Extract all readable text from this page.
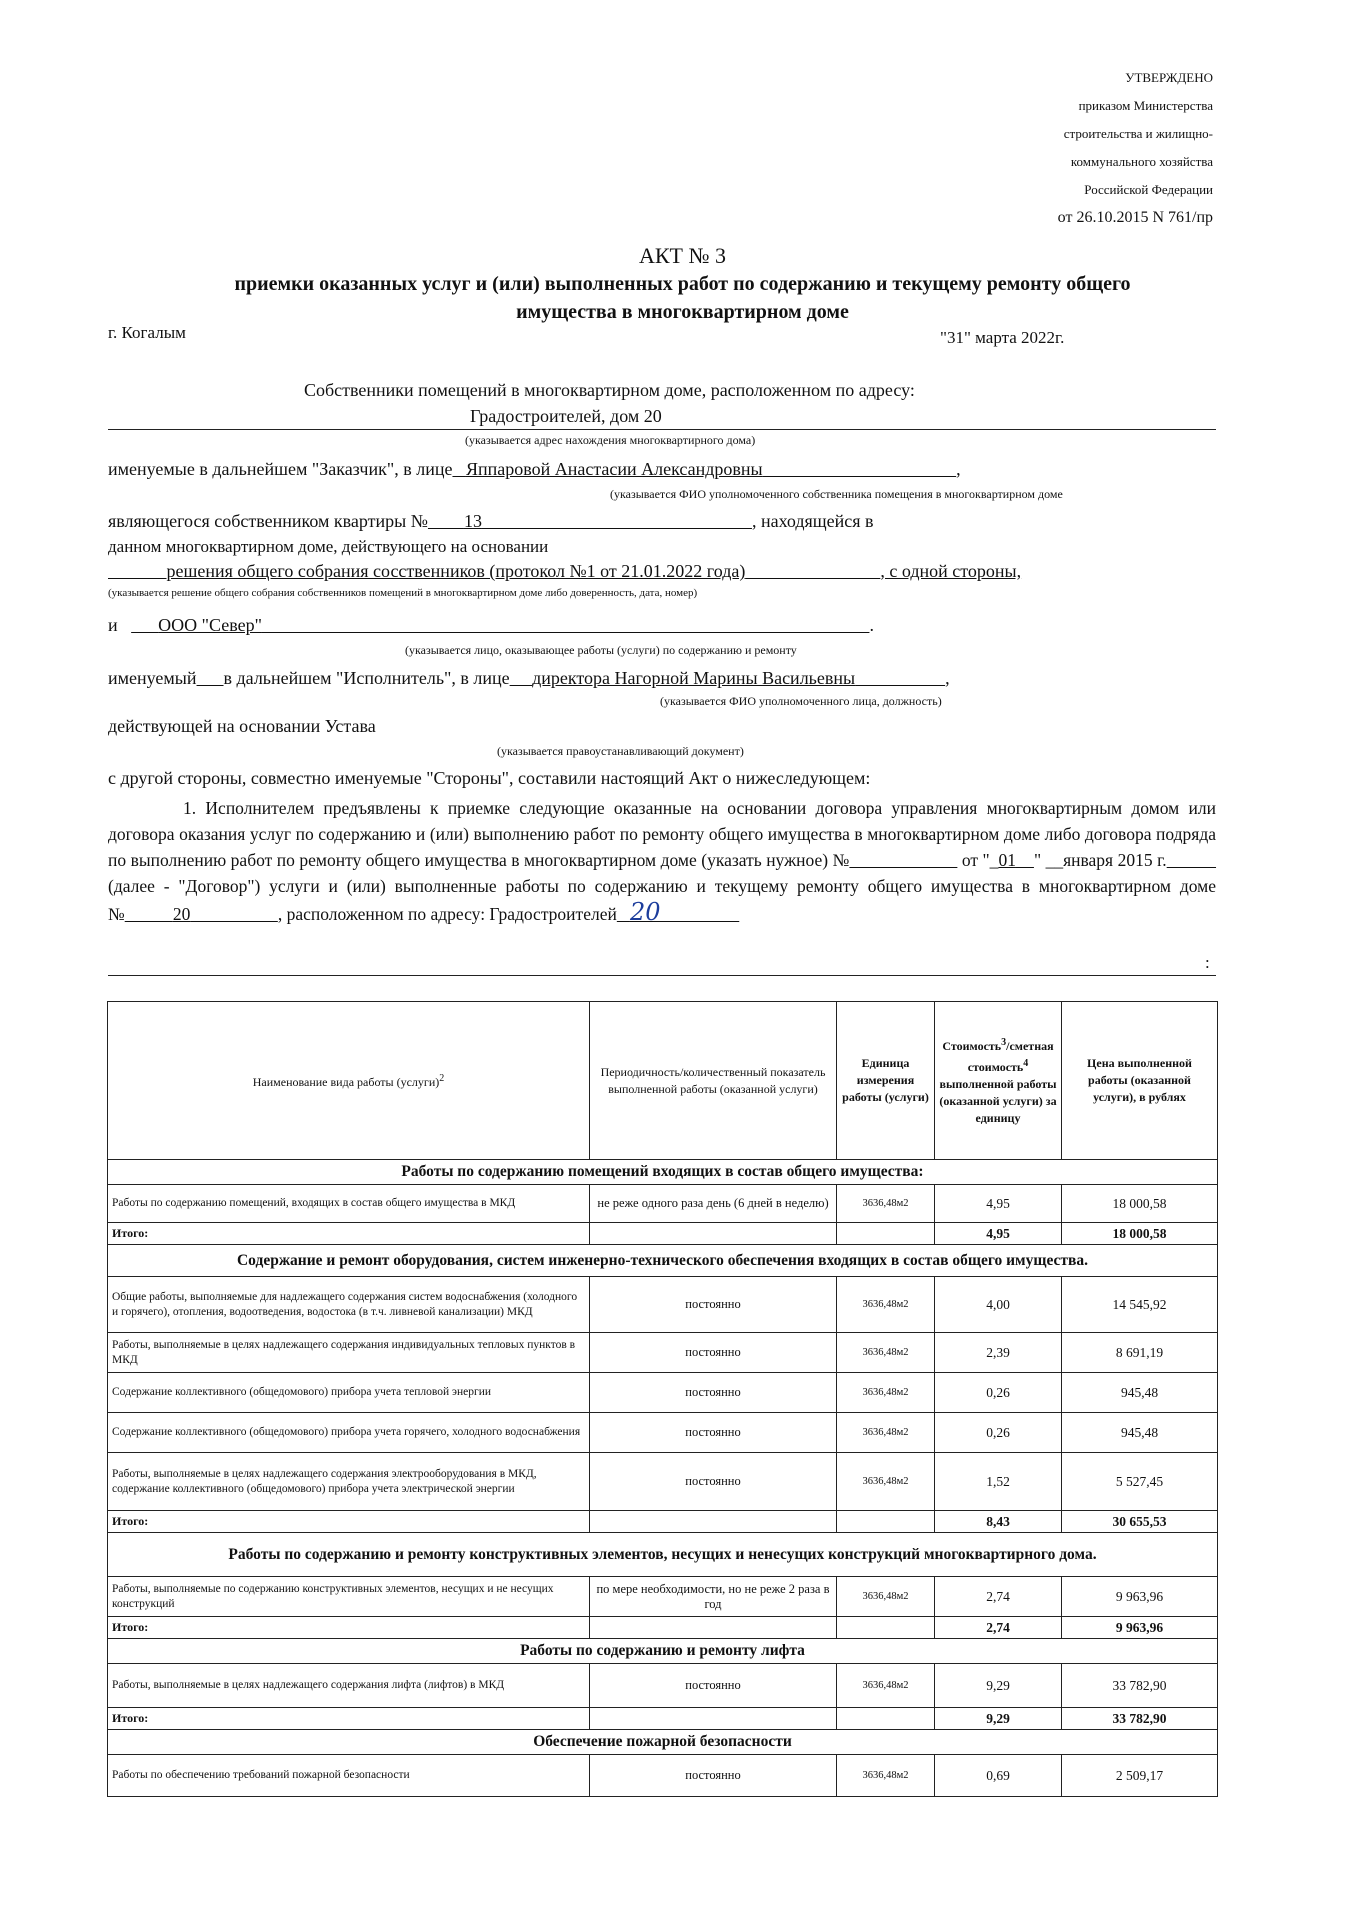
УТВЕРЖДЕНО
приказом Министерства
строительства и жилищно-
коммунального хозяйства
Российской Федерации
от 26.10.2015 N 761/пр
АКТ № 3
приемки оказанных услуг и (или) выполненных работ по содержанию и текущему ремонту общего
имущества в многоквартирном доме
г. Когалым	"31" марта 2022г.
Собственники помещений в многоквартирном доме, расположенном по адресу:
Градостроителей, дом 20
(указывается адрес нахождения многоквартирного дома)
именуемые в дальнейшем "Заказчик", в лице Яппаровой Анастасии Александровны	,
(указывается ФИО уполномоченного собственника помещения в многоквартирном доме
являющегося собственником квартиры № 13	, находящейся в
данном многоквартирном доме, действующего на основании
решения общего собрания сосственников (протокол №1 от 21.01.2022 года)	, с одной стороны,
(указывается решение общего собрания собственников помещений в многоквартирном доме либо доверенность, дата, номер)
и ООО "Север"	.
(указывается лицо, оказывающее работы (услуги) по содержанию и ремонту
именуемый в дальнейшем "Исполнитель", в лице директора Нагорной Марины Васильевны	,
(указывается ФИО уполномоченного лица, должность)
действующей на основании Устава
(указывается правоустанавливающий документ)
с другой стороны, совместно именуемые "Стороны", составили настоящий Акт о нижеследующем:
1. Исполнителем предъявлены к приемке следующие оказанные на основании договора управления многоквартирным домом или договора оказания услуг по содержанию и (или) выполнению работ по ремонту общего имущества в многоквартирном доме либо договора подряда по выполнению работ по ремонту общего имущества в многоквартирном доме (указать нужное) №	от "_01 " __января 2015 г.            (далее - "Договор") услуги и (или) выполненные работы по содержанию и текущему ремонту общего имущества в многоквартирном доме №	20	, расположенном по адресу: Градостроителей 20
:
Наименование вида работы (услуги)$^2$	Периодичность/количественный показатель выполненной работы (оказанной услуги)	Единица измерения работы (услуги)	Стоимость$^3$/сметная стоимость$^4$ выполненной работы (оказанной услуги) за единицу	Цена выполненной работы (оказанной услуги), в рублях
Работы по содержанию помещений входящих в состав общего имущества:				
Работы по содержанию помещений, входящих в состав общего имущества в МКД	не реже одного раза день (6 дней в неделю)	3636,48м2	4,95	18 000,58
Итого:			4,95	18 000,58
Содержание и ремонт оборудования, систем инженерно-технического обеспечения входящих в состав общего имущества.				
Общие работы, выполняемые для надлежащего содержания систем водоснабжения (холодного и горячего), отопления, водоотведения, водостока (в т.ч. ливневой канализации) МКД	постоянно	3636,48м2	4,00	14 545,92
Работы, выполняемые в целях надлежащего содержания индивидуальных тепловых пунктов в МКД	постоянно	3636,48м2	2,39	8 691,19
Содержание коллективного (общедомового) прибора учета тепловой энергии	постоянно	3636,48м2	0,26	945,48
Содержание коллективного (общедомового) прибора учета горячего, холодного водоснабжения	постоянно	3636,48м2	0,26	945,48
Работы, выполняемые в целях надлежащего содержания электрооборудования в МКД, содержание коллективного (общедомового) прибора учета электрической энергии	постоянно	3636,48м2	1,52	5 527,45
Итого:			8,43	30 655,53
Работы по содержанию и ремонту конструктивных элементов, несущих и ненесущих конструкций многоквартирного дома.				
Работы, выполняемые по содержанию конструктивных элементов, несущих и не несущих конструкций	по мере необходимости, но не реже 2 раза в год	3636,48м2	2,74	9 963,96
Итого:			2,74	9 963,96
Работы по содержанию и ремонту лифта				
Работы, выполняемые в целях надлежащего содержания лифта (лифтов) в МКД	постоянно	3636,48м2	9,29	33 782,90
Итого:			9,29	33 782,90
Обеспечение пожарной безопасности				
Работы по обеспечению требований пожарной безопасности	постоянно	3636,48м2	0,69	2 509,17
